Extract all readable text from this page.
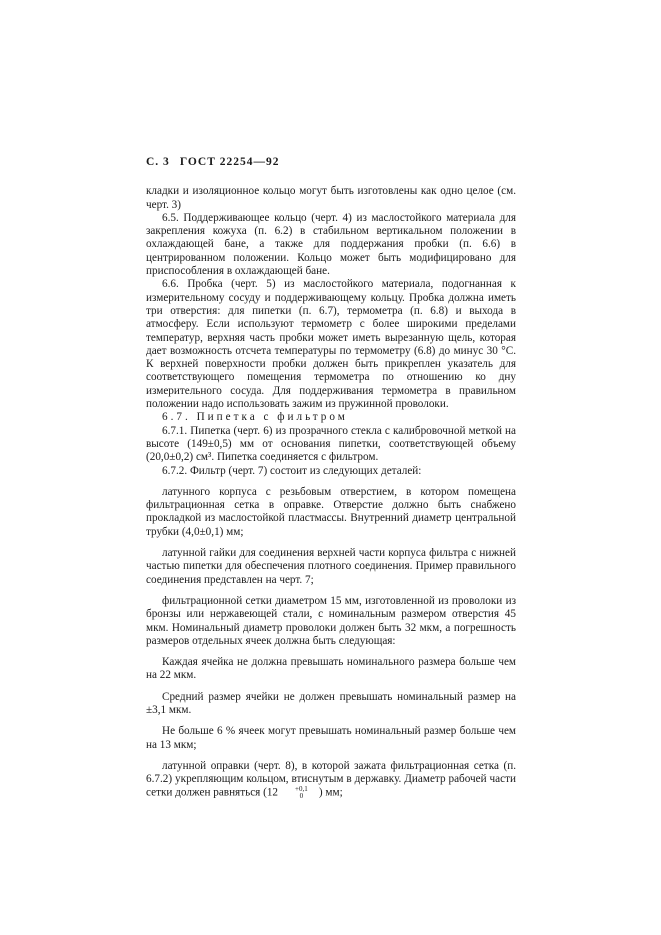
С. 3 ГОСТ 22254—92

кладки и изоляционное кольцо могут быть изготовлены как одно целое (см. черт. 3)

6.5. Поддерживающее кольцо (черт. 4) из маслостойкого материала для закрепления кожуха (п. 6.2) в стабильном вертикальном положении в охлаждающей бане, а также для поддержания пробки (п. 6.6) в центрированном положении. Кольцо может быть модифицировано для приспособления в охлаждающей бане.

6.6. Пробка (черт. 5) из маслостойкого материала, подогнанная к измерительному сосуду и поддерживающему кольцу. Пробка должна иметь три отверстия: для пипетки (п. 6.7), термометра (п. 6.8) и выхода в атмосферу. Если используют термометр с более широкими пределами температур, верхняя часть пробки может иметь вырезанную щель, которая дает возможность отсчета температуры по термометру (6.8) до минус 30 °С. К верхней поверхности пробки должен быть прикреплен указатель для соответствующего помещения термометра по отношению ко дну измерительного сосуда. Для поддерживания термометра в правильном положении надо использовать зажим из пружинной проволоки.

6.7. Пипетка с фильтром

6.7.1. Пипетка (черт. 6) из прозрачного стекла с калибровочной меткой на высоте (149±0,5) мм от основания пипетки, соответствующей объему (20,0±0,2) см³. Пипетка соединяется с фильтром.

6.7.2. Фильтр (черт. 7) состоит из следующих деталей:

латунного корпуса с резьбовым отверстием, в котором помещена фильтрационная сетка в оправке. Отверстие должно быть снабжено прокладкой из маслостойкой пластмассы. Внутренний диаметр центральной трубки (4,0±0,1) мм;

латунной гайки для соединения верхней части корпуса фильтра с нижней частью пипетки для обеспечения плотного соединения. Пример правильного соединения представлен на черт. 7;

фильтрационной сетки диаметром 15 мм, изготовленной из проволоки из бронзы или нержавеющей стали, с номинальным размером отверстия 45 мкм. Номинальный диаметр проволоки должен быть 32 мкм, а погрешность размеров отдельных ячеек должна быть следующая:

Каждая ячейка не должна превышать номинального размера больше чем на 22 мкм.

Средний размер ячейки не должен превышать номинальный размер на ±3,1 мкм.

Не больше 6 % ячеек могут превышать номинальный размер больше чем на 13 мкм;

латунной оправки (черт. 8), в которой зажата фильтрационная сетка (п. 6.7.2) укрепляющим кольцом, втиснутым в державку. Диаметр рабочей части сетки должен равняться (12	+0,1
0	) мм;
